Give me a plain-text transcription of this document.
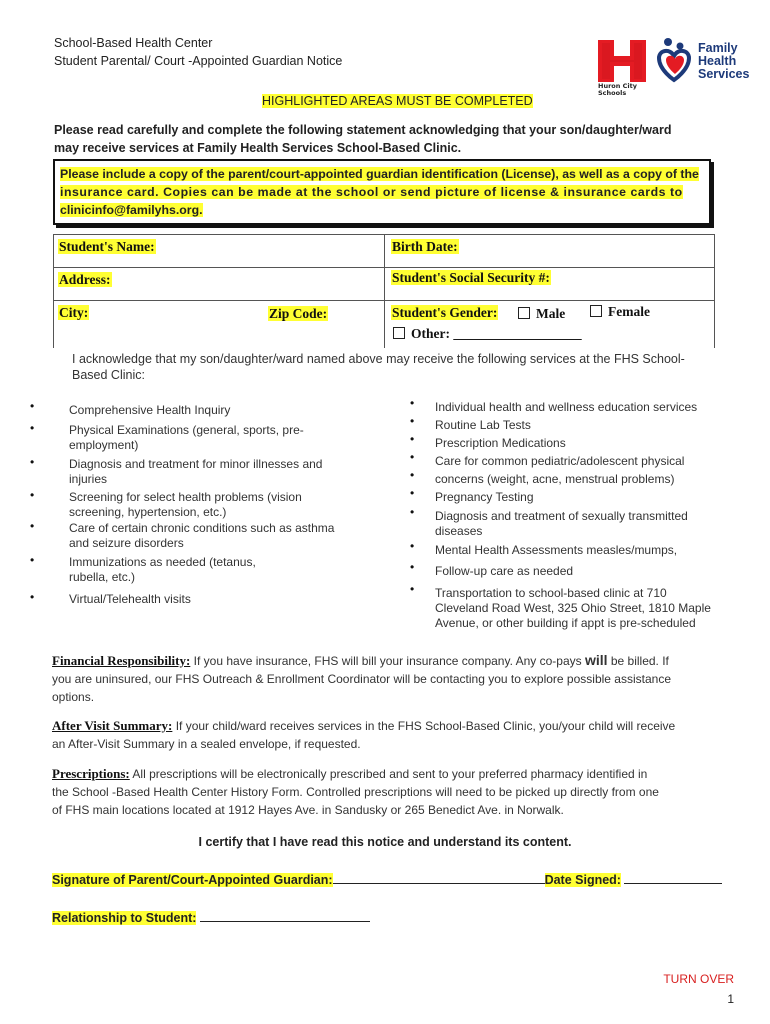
School-Based Health Center
Student Parental/ Court -Appointed Guardian Notice
Huron City Schools
Family Health Services
HIGHLIGHTED AREAS MUST BE COMPLETED
Please read carefully and complete the following statement acknowledging that your son/daughter/ward
may receive services at Family Health Services School-Based Clinic.
Please include a copy of the parent/court-appointed guardian identification (License), as well as a copy of the
insurance card. Copies can be made at the school or send picture of license & insurance cards to
clinicinfo@familyhs.org.
Student's Name:	Birth Date:
Address:	Student's Social Security #:
City:	Zip Code:	Student's Gender:	Male	Female
Other: ___________________
I acknowledge that my son/daughter/ward named above may receive the following services at the FHS School-
Based Clinic:
•	Comprehensive Health Inquiry
•	Physical Examinations (general, sports, pre-
employment)
•	Diagnosis and treatment for minor illnesses and
injuries
•	Screening for select health problems (vision
screening, hypertension, etc.)
•	Care of certain chronic conditions such as asthma
and seizure disorders
•	Immunizations as needed (tetanus,
rubella, etc.)
•	Virtual/Telehealth visits
• Individual health and wellness education services
• Routine Lab Tests
• Prescription Medications
• Care for common pediatric/adolescent physical
• concerns (weight, acne, menstrual problems)
• Pregnancy Testing
• Diagnosis and treatment of sexually transmitted
diseases
• Mental Health Assessments measles/mumps,
• Follow-up care as needed
• Transportation to school-based clinic at 710
Cleveland Road West, 325 Ohio Street, 1810 Maple
Avenue, or other building if appt is pre-scheduled
Financial Responsibility: If you have insurance, FHS will bill your insurance company. Any co-pays will be billed. If
you are uninsured, our FHS Outreach & Enrollment Coordinator will be contacting you to explore possible assistance
options.
After Visit Summary: If your child/ward receives services in the FHS School-Based Clinic, you/your child will receive
an After-Visit Summary in a sealed envelope, if requested.
Prescriptions: All prescriptions will be electronically prescribed and sent to your preferred pharmacy identified in
the School -Based Health Center History Form. Controlled prescriptions will need to be picked up directly from one
of FHS main locations located at 1912 Hayes Ave. in Sandusky or 265 Benedict Ave. in Norwalk.
I certify that I have read this notice and understand its content.
Signature of Parent/Court-Appointed Guardian:	Date Signed:
Relationship to Student:
TURN OVER
1
